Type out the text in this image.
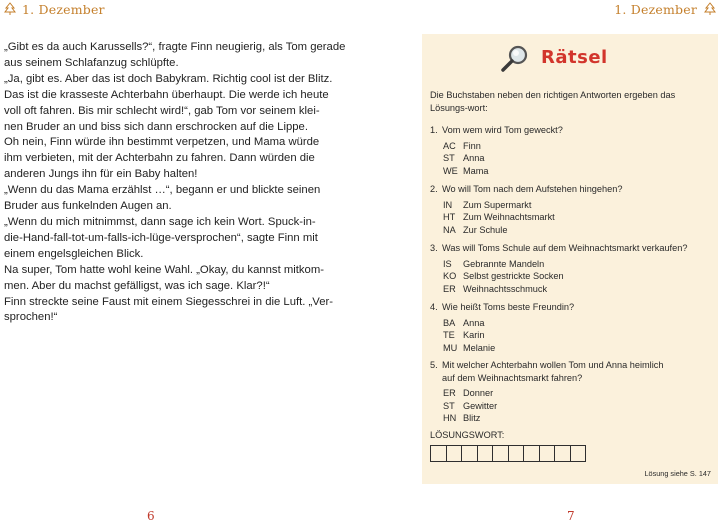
1. Dezember
„Gibt es da auch Karussells?“, fragte Finn neugierig, als Tom gerade
aus seinem Schlafanzug schlüpfte.
„Ja, gibt es. Aber das ist doch Babykram. Richtig cool ist der Blitz.
Das ist die krasseste Achterbahn überhaupt. Die werde ich heute
voll oft fahren. Bis mir schlecht wird!“, gab Tom vor seinem klei-
nen Bruder an und biss sich dann erschrocken auf die Lippe.
Oh nein, Finn würde ihn bestimmt verpetzen, und Mama würde
ihm verbieten, mit der Achterbahn zu fahren. Dann würden die
anderen Jungs ihn für ein Baby halten!
„Wenn du das Mama erzählst …“, begann er und blickte seinen
Bruder aus funkelnden Augen an.
„Wenn du mich mitnimmst, dann sage ich kein Wort. Spuck-in-
die-Hand-fall-tot-um-falls-ich-lüge-versprochen“, sagte Finn mit
einem engelsgleichen Blick.
Na super, Tom hatte wohl keine Wahl. „Okay, du kannst mitkom-
men. Aber du machst gefälligst, was ich sage. Klar?!“
Finn streckte seine Faust mit einem Siegesschrei in die Luft. „Ver-
sprochen!“
6
1. Dezember
Rätsel
Die Buchstaben neben den richtigen Antworten ergeben das Lösungs-wort:
1. Vom wem wird Tom geweckt?
AC Finn
ST Anna
WE Mama
2. Wo will Tom nach dem Aufstehen hingehen?
IN	Zum Supermarkt
HT Zum Weihnachtsmarkt
NA Zur Schule
3. Was will Toms Schule auf dem Weihnachtsmarkt verkaufen?
IS	Gebrannte Mandeln
KO Selbst gestrickte Socken
ER Weihnachtsschmuck
4. Wie heißt Toms beste Freundin?
BA Anna
TE Karin
MU Melanie
5. Mit welcher Achterbahn wollen Tom und Anna heimlich
auf dem Weihnachtsmarkt fahren?
ER Donner
ST Gewitter
HN Blitz
LÖSUNGSWORT:
Lösung siehe S. 147
7
